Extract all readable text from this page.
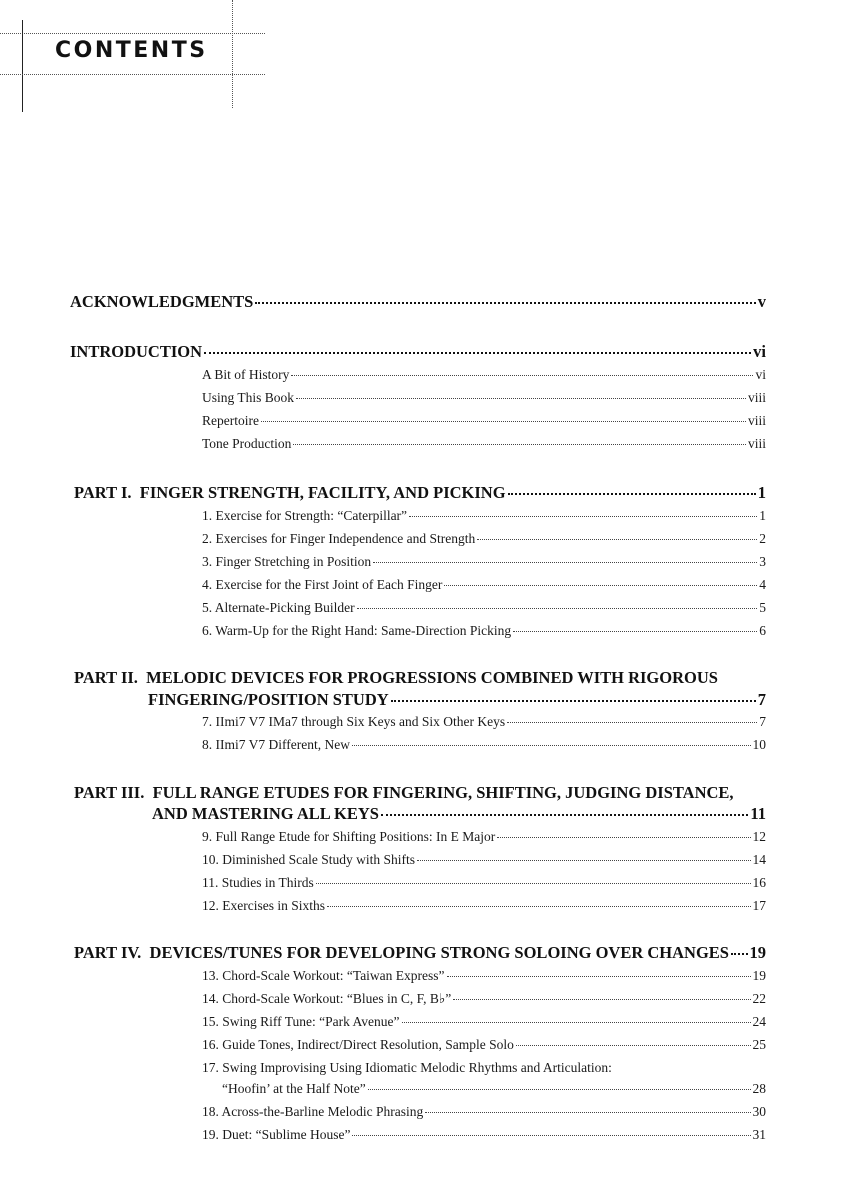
CONTENTS
ACKNOWLEDGMENTS	v
INTRODUCTION	vi
A Bit of History	vi
Using This Book	viii
Repertoire	viii
Tone Production	viii
PART I.  FINGER STRENGTH, FACILITY, AND PICKING	1
1. Exercise for Strength: “Caterpillar”	1
2. Exercises for Finger Independence and Strength	2
3. Finger Stretching in Position	3
4. Exercise for the First Joint of Each Finger	4
5. Alternate-Picking Builder	5
6. Warm-Up for the Right Hand: Same-Direction Picking	6
PART II.  MELODIC DEVICES FOR PROGRESSIONS COMBINED WITH RIGOROUS
FINGERING/POSITION STUDY	7
7. IImi7 V7 IMa7 through Six Keys and Six Other Keys	7
8. IImi7 V7 Different, New	10
PART III.  FULL RANGE ETUDES FOR FINGERING, SHIFTING, JUDGING DISTANCE,
AND MASTERING ALL KEYS	11
9. Full Range Etude for Shifting Positions: In E Major	12
10. Diminished Scale Study with Shifts	14
11. Studies in Thirds	16
12. Exercises in Sixths	17
PART IV.  DEVICES/TUNES FOR DEVELOPING STRONG SOLOING OVER CHANGES 19
13. Chord-Scale Workout: “Taiwan Express”	19
14. Chord-Scale Workout: “Blues in C, F, B♭”	22
15. Swing Riff Tune: “Park Avenue”	24
16. Guide Tones, Indirect/Direct Resolution, Sample Solo	25
17. Swing Improvising Using Idiomatic Melodic Rhythms and Articulation:
“Hoofin’ at the Half Note”	28
18. Across-the-Barline Melodic Phrasing	30
19. Duet: “Sublime House”	31
